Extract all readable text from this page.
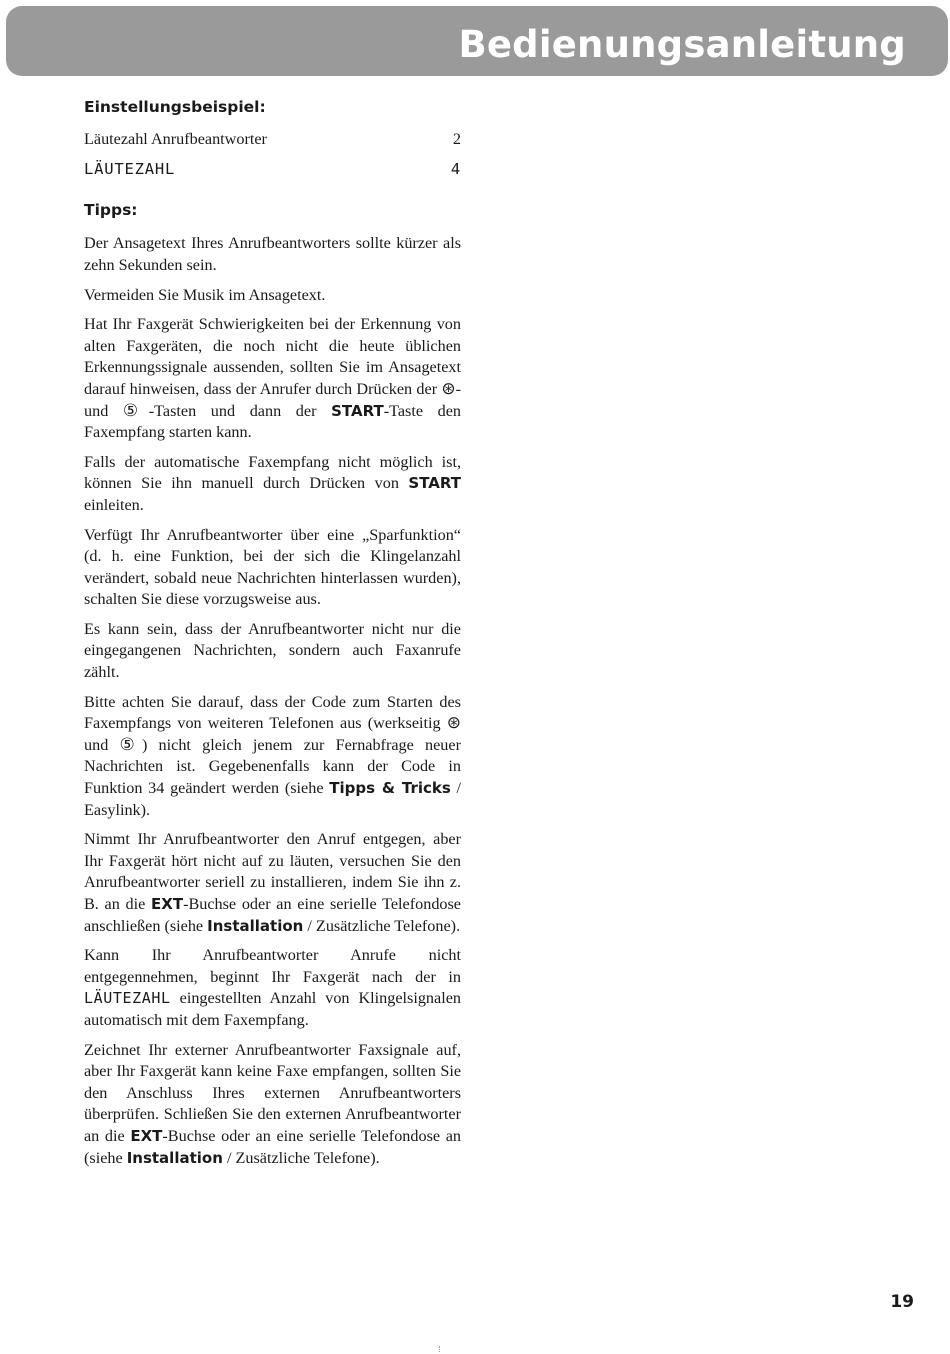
Bedienungsanleitung
Einstellungsbeispiel:
Läutezahl Anrufbeantworter	2
LÄUTEZAHL	4
Tipps:

Der Ansagetext Ihres Anrufbeantworters sollte kürzer als zehn Sekunden sein.

Vermeiden Sie Musik im Ansagetext.

Hat Ihr Faxgerät Schwierigkeiten bei der Erkennung von alten Faxgeräten, die noch nicht die heute üblichen Erkennungssignale aussenden, sollten Sie im Ansagetext darauf hinweisen, dass der Anrufer durch Drücken der ⊛- und ⑤-Tasten und dann der START-Taste den Faxempfang starten kann.

Falls der automatische Faxempfang nicht möglich ist, können Sie ihn manuell durch Drücken von START einleiten.

Verfügt Ihr Anrufbeantworter über eine „Sparfunktion“ (d. h. eine Funktion, bei der sich die Klingelanzahl verändert, sobald neue Nachrichten hinterlassen wurden), schalten Sie diese vorzugsweise aus.

Es kann sein, dass der Anrufbeantworter nicht nur die eingegangenen Nachrichten, sondern auch Faxanrufe zählt.

Bitte achten Sie darauf, dass der Code zum Starten des Faxempfangs von weiteren Telefonen aus (werkseitig ⊛ und ⑤) nicht gleich jenem zur Fernabfrage neuer Nachrichten ist. Gegebenenfalls kann der Code in Funktion 34 geändert werden (siehe Tipps & Tricks / Easylink).

Nimmt Ihr Anrufbeantworter den Anruf entgegen, aber Ihr Faxgerät hört nicht auf zu läuten, versuchen Sie den Anrufbeantworter seriell zu installieren, indem Sie ihn z. B. an die EXT-Buchse oder an eine serielle Telefondose anschließen (siehe Installation / Zusätzliche Telefone).

Kann Ihr Anrufbeantworter Anrufe nicht entgegennehmen, beginnt Ihr Faxgerät nach der in LÄUTEZAHL eingestellten Anzahl von Klingelsignalen automatisch mit dem Faxempfang.

Zeichnet Ihr externer Anrufbeantworter Faxsignale auf, aber Ihr Faxgerät kann keine Faxe empfangen, sollten Sie den Anschluss Ihres externen Anrufbeantworters überprüfen. Schließen Sie den externen Anrufbeantworter an die EXT-Buchse oder an eine serielle Telefondose an (siehe Installation / Zusätzliche Telefone).

19
